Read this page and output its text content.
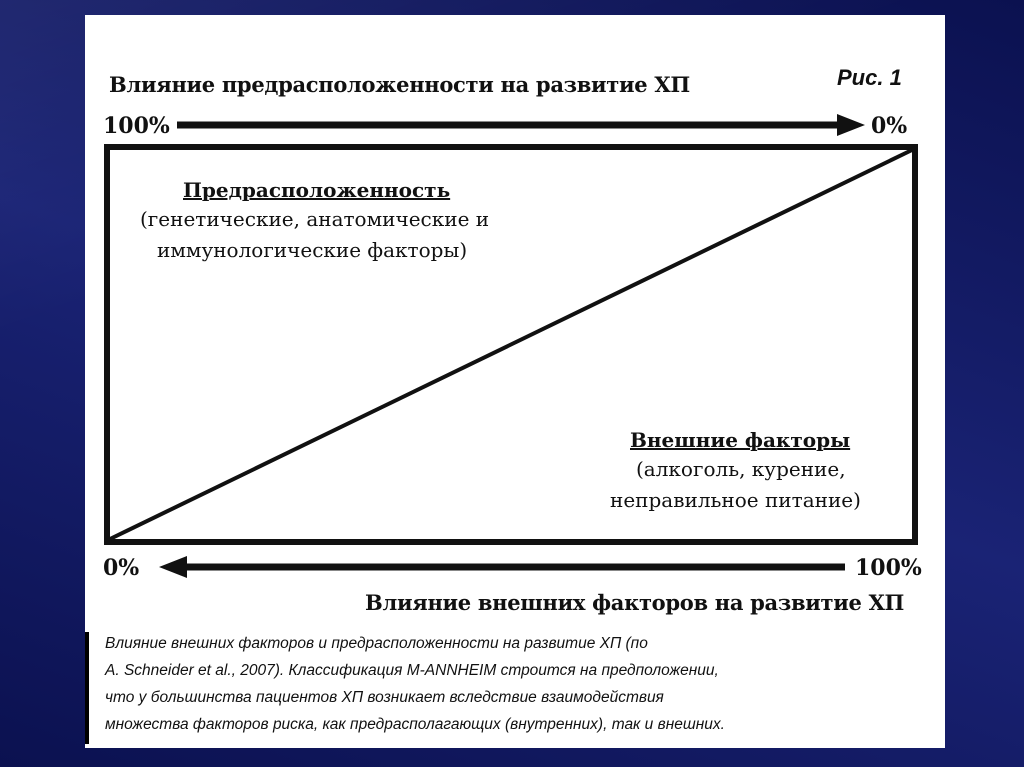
Влияние предрасположенности на развитие ХП	Рис. 1
100%	0%
Предрасположенность
(генетические, анатомические и
иммунологические факторы)
Внешние факторы
(алкоголь, курение,
неправильное питание)
0%	100%
Влияние внешних факторов на развитие ХП
Влияние внешних факторов и предрасположенности на развитие ХП (по
A. Schneider et al., 2007). Классификация M-ANNHEIM строится на предположении,
что у большинства пациентов ХП возникает вследствие взаимодействия
множества факторов риска, как предрасполагающих (внутренних), так и внешних.
